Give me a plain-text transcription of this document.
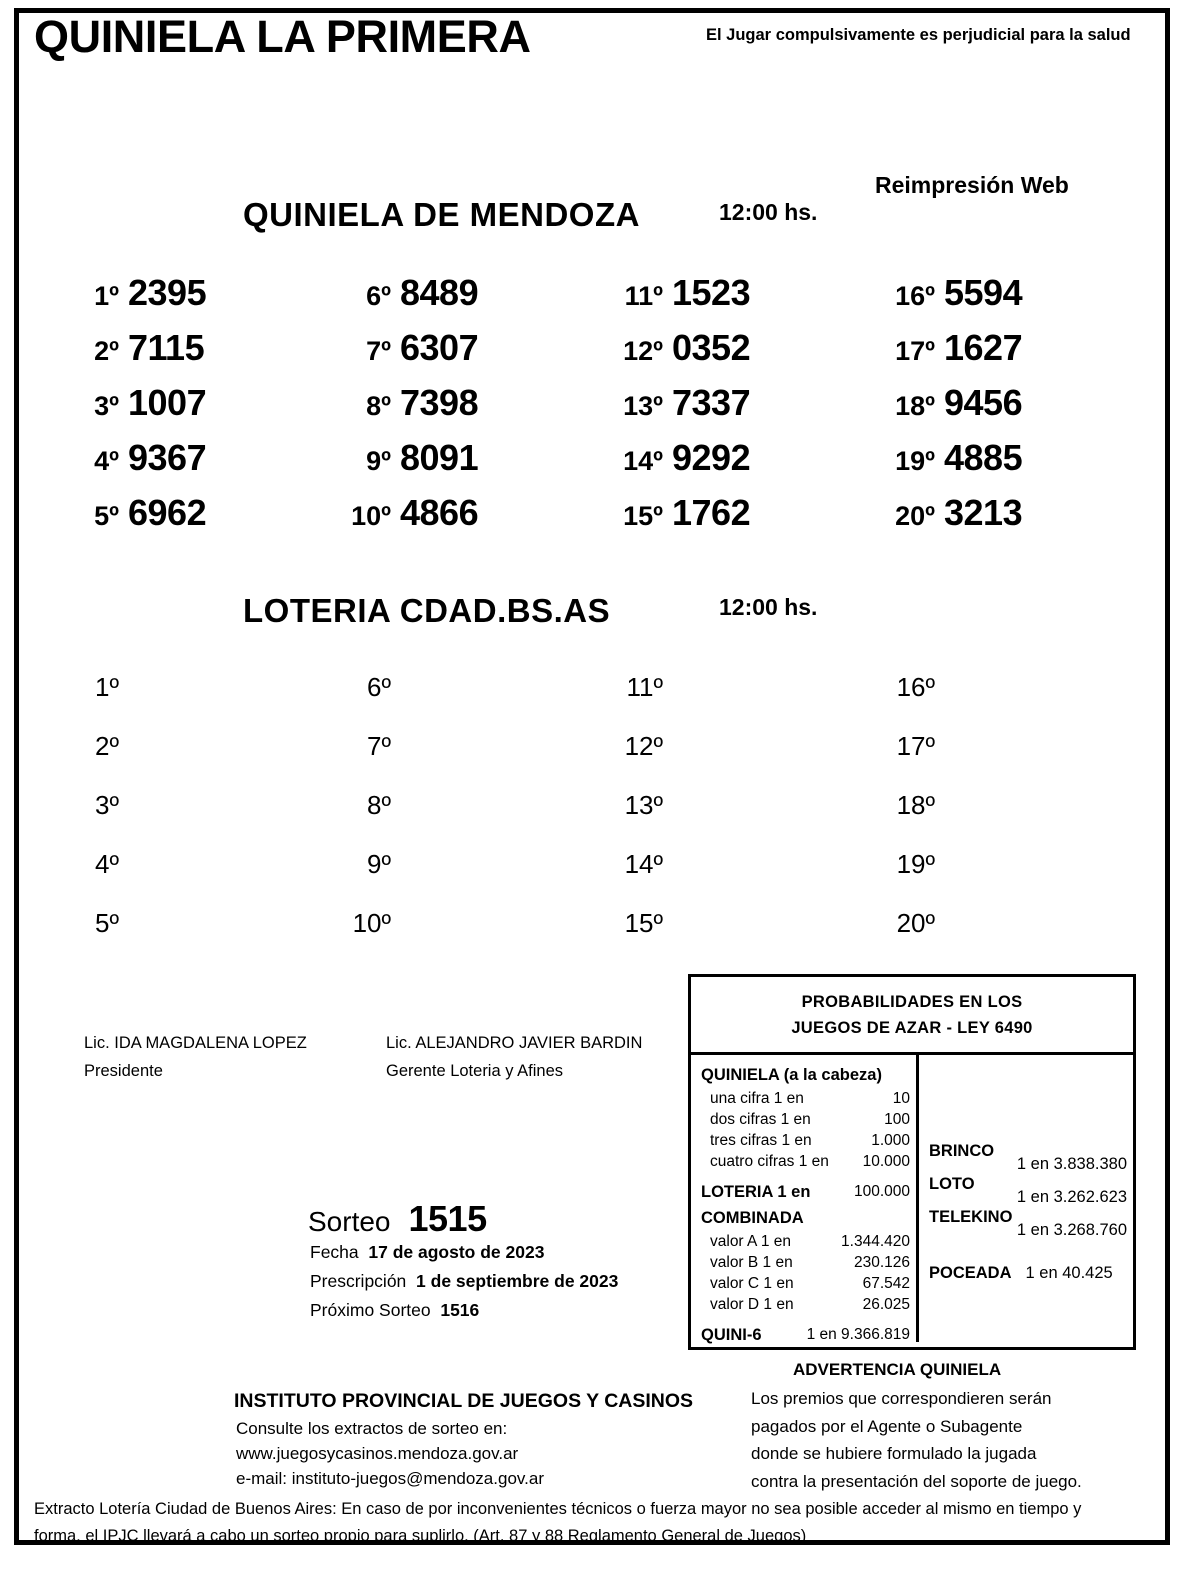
QUINIELA LA PRIMERA	El Jugar compulsivamente es perjudicial para la salud
Reimpresión Web
QUINIELA DE MENDOZA	12:00 hs.
1º 2395	6º 8489	11º 1523	16º 5594
2º 7115	7º 6307	12º 0352	17º 1627
3º 1007	8º 7398	13º 7337	18º 9456
4º 9367	9º 8091	14º 9292	19º 4885
5º 6962	10º 4866	15º 1762	20º 3213
LOTERIA CDAD.BS.AS	12:00 hs.
1º	6º	11º	16º
2º	7º	12º	17º
3º	8º	13º	18º
4º	9º	14º	19º
5º	10º	15º	20º
Lic. IDA MAGDALENA LOPEZ
Presidente
Lic. ALEJANDRO JAVIER BARDIN
Gerente Loteria y Afines
Sorteo 1515
Fecha 17 de agosto de 2023
Prescripción 1 de septiembre de 2023
Próximo Sorteo 1516
PROBABILIDADES EN LOS
JUEGOS DE AZAR - LEY 6490
QUINIELA (a la cabeza)
una cifra 1 en	10
dos cifras 1 en	100
tres cifras 1 en	1.000
cuatro cifras 1 en 10.000
LOTERIA 1 en	100.000
COMBINADA
valor A 1 en	1.344.420
valor B 1 en	230.126
valor C 1 en	67.542
valor D 1 en	26.025
QUINI-6	1 en 9.366.819
BRINCO
1 en 3.838.380
LOTO
1 en 3.262.623
TELEKINO
1 en 3.268.760
POCEADA 1 en 40.425
ADVERTENCIA QUINIELA
Los premios que correspondieren serán
pagados por el Agente o Subagente
donde se hubiere formulado la jugada
contra la presentación del soporte de juego.
INSTITUTO PROVINCIAL DE JUEGOS Y CASINOS
Consulte los extractos de sorteo en:
www.juegosycasinos.mendoza.gov.ar
e-mail: instituto-juegos@mendoza.gov.ar
Extracto Lotería Ciudad de Buenos Aires: En caso de por inconvenientes técnicos o fuerza mayor no sea posible acceder al mismo en tiempo y
forma, el IPJC llevará a cabo un sorteo propio para suplirlo. (Art. 87 y 88 Reglamento General de Juegos)
